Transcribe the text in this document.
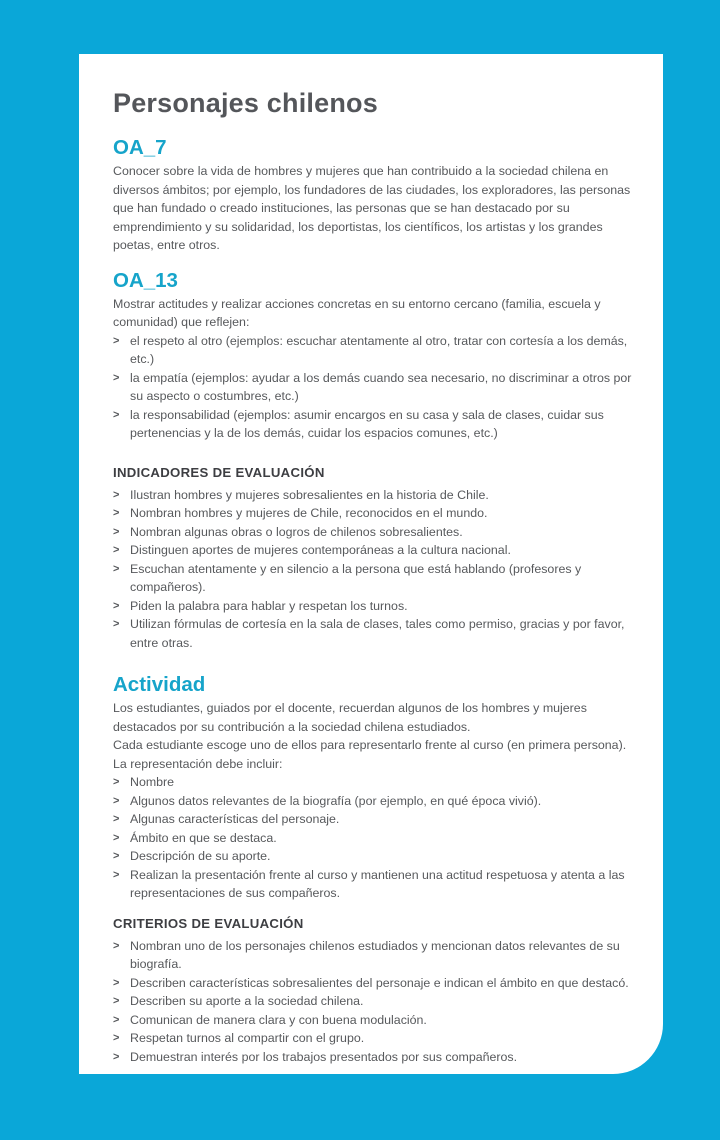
Personajes chilenos
OA_7

Conocer sobre la vida de hombres y mujeres que han contribuido a la sociedad chilena en diversos ámbitos; por ejemplo, los fundadores de las ciudades, los exploradores, las personas que han fundado o creado instituciones, las personas que se han destacado por su emprendimiento y su solidaridad, los deportistas, los científicos, los artistas y los grandes poetas, entre otros.

OA_13

Mostrar actitudes y realizar acciones concretas en su entorno cercano (familia, escuela y comunidad) que reflejen:

> el respeto al otro (ejemplos: escuchar atentamente al otro, tratar con cortesía a los demás, etc.)
> la empatía (ejemplos: ayudar a los demás cuando sea necesario, no discriminar a otros por su aspecto o costumbres, etc.)
> la responsabilidad (ejemplos: asumir encargos en su casa y sala de clases, cuidar sus pertenencias y la de los demás, cuidar los espacios comunes, etc.)
INDICADORES DE EVALUACIÓN
> Ilustran hombres y mujeres sobresalientes en la historia de Chile.
> Nombran hombres y mujeres de Chile, reconocidos en el mundo.
> Nombran algunas obras o logros de chilenos sobresalientes.
> Distinguen aportes de mujeres contemporáneas a la cultura nacional.
> Escuchan atentamente y en silencio a la persona que está hablando (profesores y compañeros).
> Piden la palabra para hablar y respetan los turnos.
> Utilizan fórmulas de cortesía en la sala de clases, tales como permiso, gracias y por favor, entre otras.
Actividad

Los estudiantes, guiados por el docente, recuerdan algunos de los hombres y mujeres destacados por su contribución a la sociedad chilena estudiados.

Cada estudiante escoge uno de ellos para representarlo frente al curso (en primera persona).

La representación debe incluir:

> Nombre
> Algunos datos relevantes de la biografía (por ejemplo, en qué época vivió).
> Algunas características del personaje.
> Ámbito en que se destaca.
> Descripción de su aporte.
> Realizan la presentación frente al curso y mantienen una actitud respetuosa y atenta a las representaciones de sus compañeros.
CRITERIOS DE EVALUACIÓN
> Nombran uno de los personajes chilenos estudiados y mencionan datos relevantes de su biografía.
> Describen características sobresalientes del personaje e indican el ámbito en que destacó.
> Describen su aporte a la sociedad chilena.
> Comunican de manera clara y con buena modulación.
> Respetan turnos al compartir con el grupo.
> Demuestran interés por los trabajos presentados por sus compañeros.
